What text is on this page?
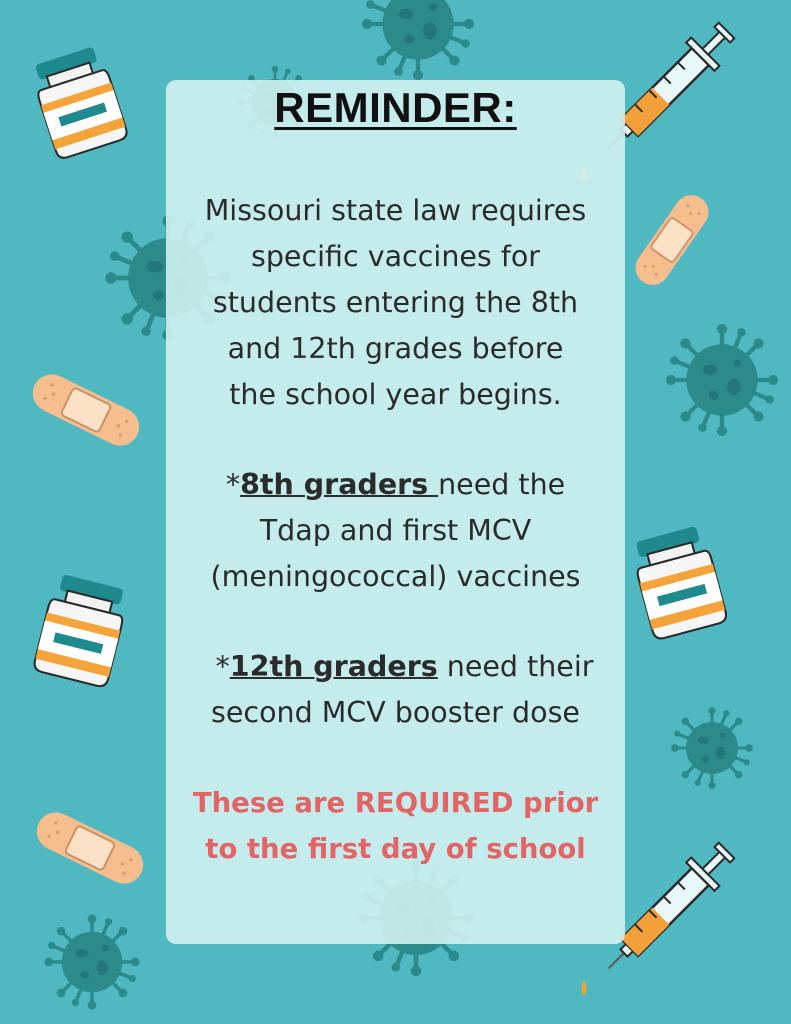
REMINDER:
Missouri state law requires
specific vaccines for
students entering the 8th
and 12th grades before
the school year begins.
*8th graders need the
Tdap and first MCV
(meningococcal) vaccines
*12th graders need their
second MCV booster dose
These are REQUIRED prior
to the first day of school
